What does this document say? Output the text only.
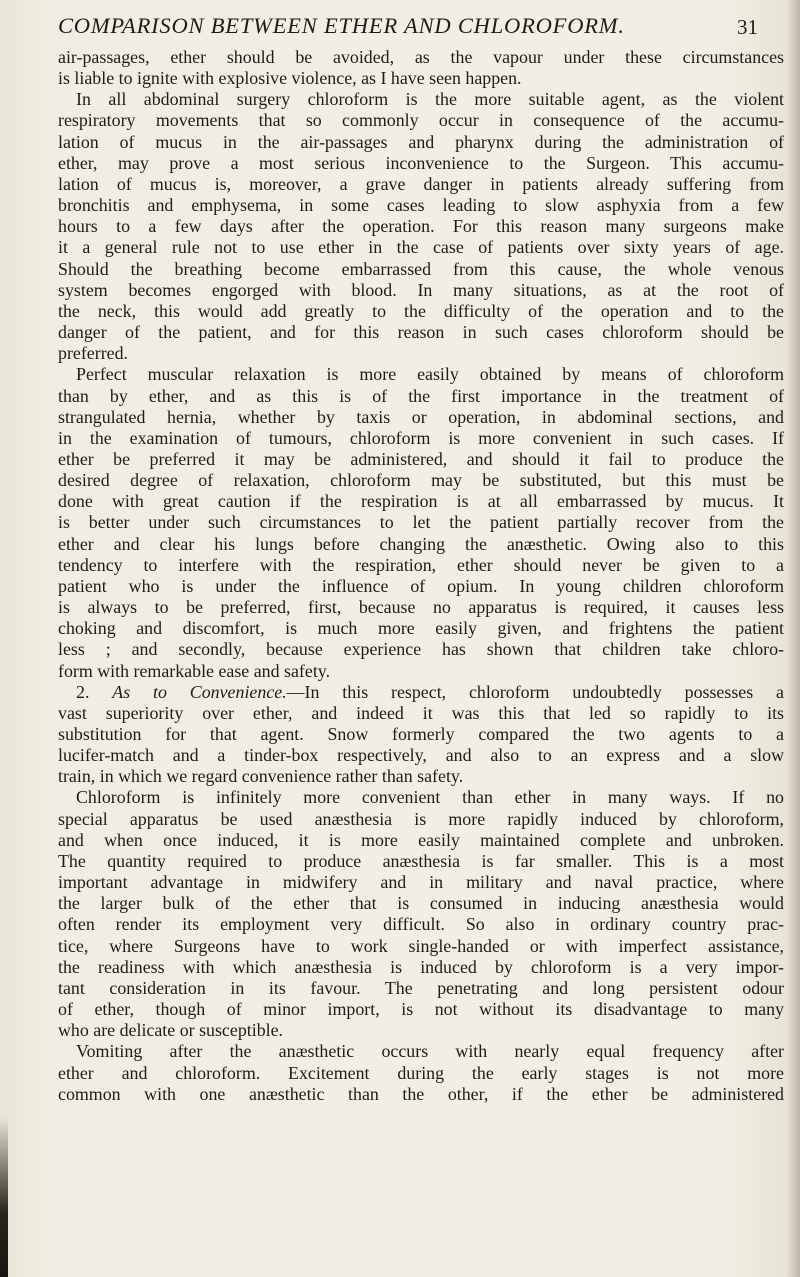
COMPARISON BETWEEN ETHER AND CHLOROFORM.	31
air-passages, ether should be avoided, as the vapour under these circumstances
is liable to ignite with explosive violence, as I have seen happen.
In all abdominal surgery chloroform is the more suitable agent, as the violent
respiratory movements that so commonly occur in consequence of the accumu-
lation of mucus in the air-passages and pharynx during the administration of
ether, may prove a most serious inconvenience to the Surgeon. This accumu-
lation of mucus is, moreover, a grave danger in patients already suffering from
bronchitis and emphysema, in some cases leading to slow asphyxia from a few
hours to a few days after the operation. For this reason many surgeons make
it a general rule not to use ether in the case of patients over sixty years of age.
Should the breathing become embarrassed from this cause, the whole venous
system becomes engorged with blood. In many situations, as at the root of
the neck, this would add greatly to the difficulty of the operation and to the
danger of the patient, and for this reason in such cases chloroform should be
preferred.
Perfect muscular relaxation is more easily obtained by means of chloroform
than by ether, and as this is of the first importance in the treatment of
strangulated hernia, whether by taxis or operation, in abdominal sections, and
in the examination of tumours, chloroform is more convenient in such cases. If
ether be preferred it may be administered, and should it fail to produce the
desired degree of relaxation, chloroform may be substituted, but this must be
done with great caution if the respiration is at all embarrassed by mucus. It
is better under such circumstances to let the patient partially recover from the
ether and clear his lungs before changing the anæsthetic. Owing also to this
tendency to interfere with the respiration, ether should never be given to a
patient who is under the influence of opium. In young children chloroform
is always to be preferred, first, because no apparatus is required, it causes less
choking and discomfort, is much more easily given, and frightens the patient
less ; and secondly, because experience has shown that children take chloro-
form with remarkable ease and safety.
2. As to Convenience.—In this respect, chloroform undoubtedly possesses a
vast superiority over ether, and indeed it was this that led so rapidly to its
substitution for that agent. Snow formerly compared the two agents to a
lucifer-match and a tinder-box respectively, and also to an express and a slow
train, in which we regard convenience rather than safety.
Chloroform is infinitely more convenient than ether in many ways. If no
special apparatus be used anæsthesia is more rapidly induced by chloroform,
and when once induced, it is more easily maintained complete and unbroken.
The quantity required to produce anæsthesia is far smaller. This is a most
important advantage in midwifery and in military and naval practice, where
the larger bulk of the ether that is consumed in inducing anæsthesia would
often render its employment very difficult. So also in ordinary country prac-
tice, where Surgeons have to work single-handed or with imperfect assistance,
the readiness with which anæsthesia is induced by chloroform is a very impor-
tant consideration in its favour. The penetrating and long persistent odour
of ether, though of minor import, is not without its disadvantage to many
who are delicate or susceptible.
Vomiting after the anæsthetic occurs with nearly equal frequency after
ether and chloroform. Excitement during the early stages is not more
common with one anæsthetic than the other, if the ether be administered
